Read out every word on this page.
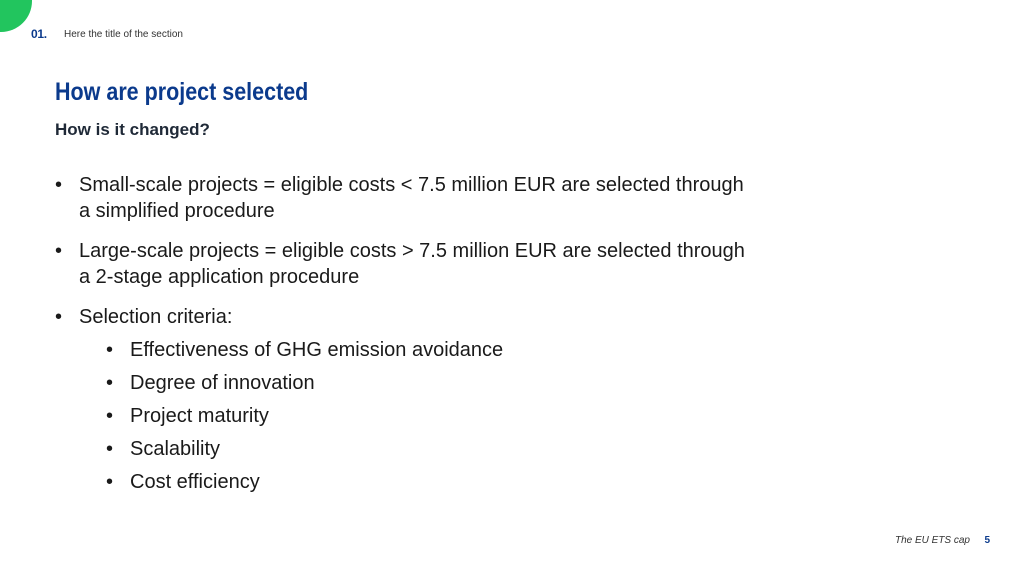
01. Here the title of the section
How are project selected
How is it changed?
• Small-scale projects = eligible costs < 7.5 million EUR are selected through a simplified procedure
• Large-scale projects = eligible costs > 7.5 million EUR are selected through a 2-stage application procedure
• Selection criteria:
• Effectiveness of GHG emission avoidance
• Degree of innovation
• Project maturity
• Scalability
• Cost efficiency
The EU ETS cap 5
